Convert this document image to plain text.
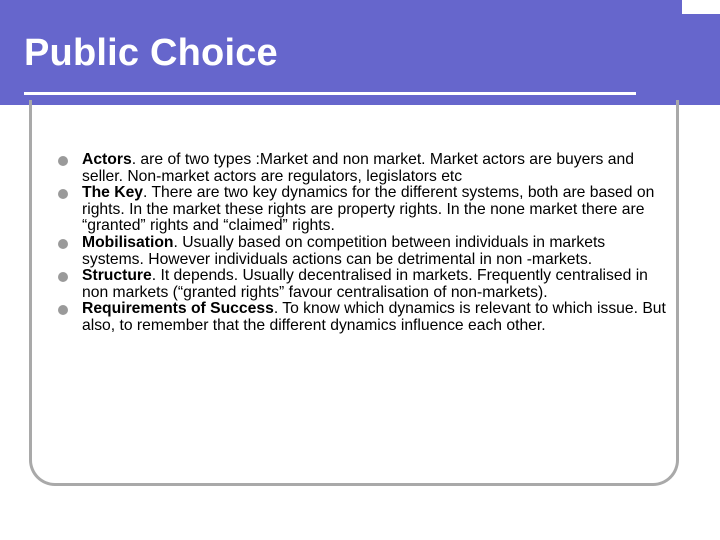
Public Choice
Actors. are of two types :Market and non market. Market actors are buyers and seller. Non-market actors are regulators, legislators etc
The Key. There are two key dynamics for the different systems, both are based on rights. In the market these rights are property rights. In the none market there are “granted” rights and “claimed” rights.
Mobilisation. Usually based on competition between individuals in markets systems. However individuals actions can be detrimental in non -markets.
Structure. It depends. Usually decentralised in markets. Frequently centralised in non markets (“granted rights” favour centralisation of non-markets).
Requirements of Success. To know which dynamics is relevant to which issue. But also, to remember that the different dynamics influence each other.
